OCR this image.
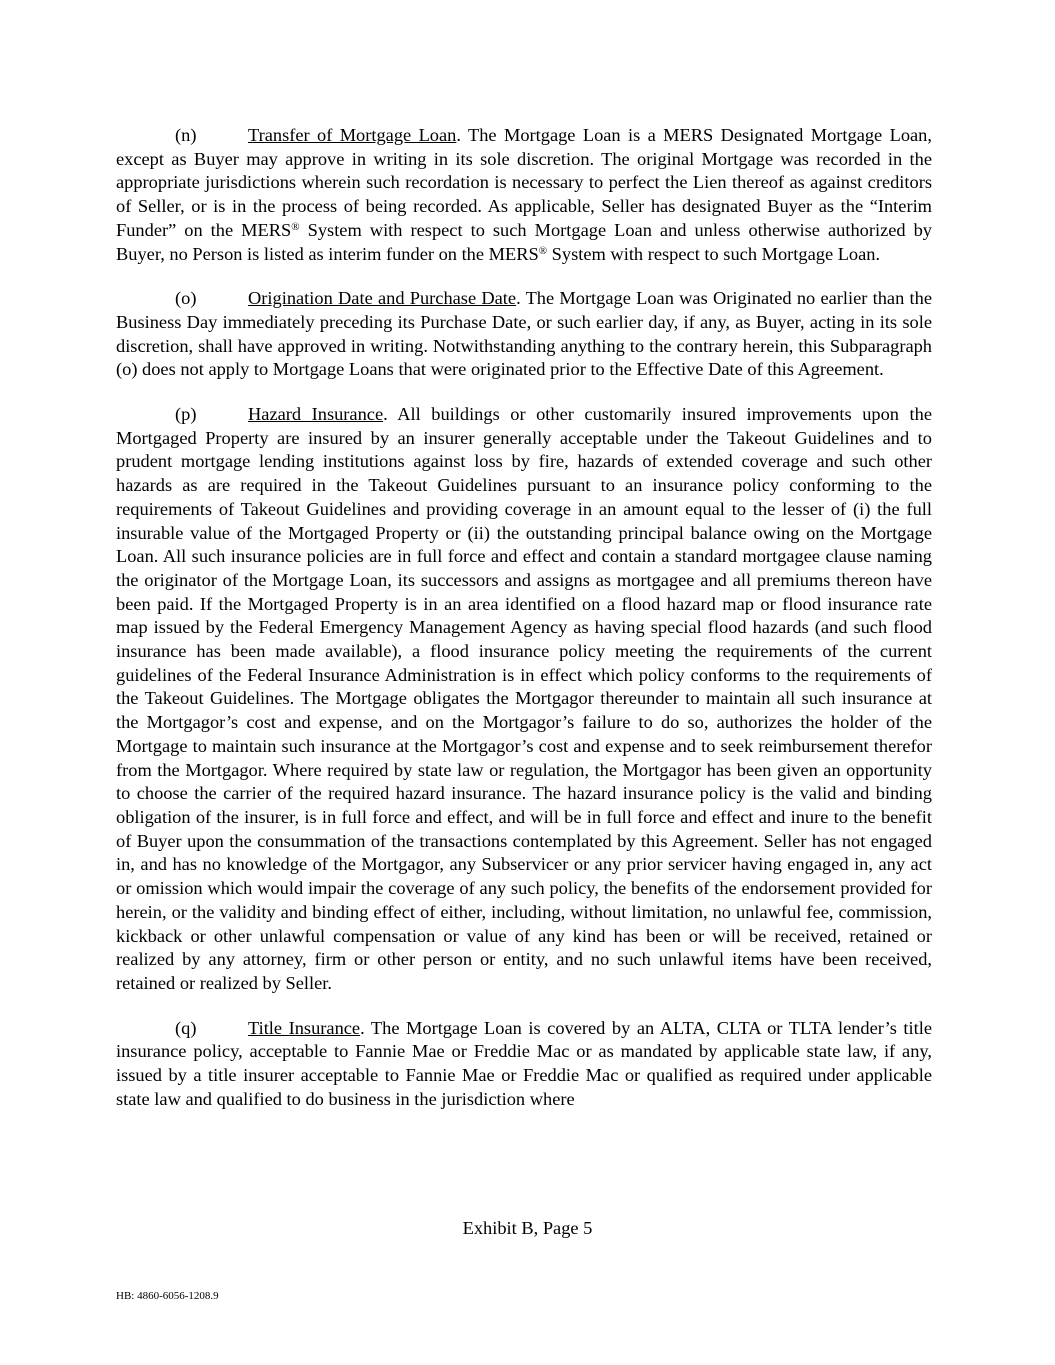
(n)	Transfer of Mortgage Loan. The Mortgage Loan is a MERS Designated Mortgage Loan, except as Buyer may approve in writing in its sole discretion. The original Mortgage was recorded in the appropriate jurisdictions wherein such recordation is necessary to perfect the Lien thereof as against creditors of Seller, or is in the process of being recorded. As applicable, Seller has designated Buyer as the “Interim Funder” on the MERS® System with respect to such Mortgage Loan and unless otherwise authorized by Buyer, no Person is listed as interim funder on the MERS® System with respect to such Mortgage Loan.

(o)	Origination Date and Purchase Date. The Mortgage Loan was Originated no earlier than the Business Day immediately preceding its Purchase Date, or such earlier day, if any, as Buyer, acting in its sole discretion, shall have approved in writing. Notwithstanding anything to the contrary herein, this Subparagraph (o) does not apply to Mortgage Loans that were originated prior to the Effective Date of this Agreement.

(p)	Hazard Insurance. All buildings or other customarily insured improvements upon the Mortgaged Property are insured by an insurer generally acceptable under the Takeout Guidelines and to prudent mortgage lending institutions against loss by fire, hazards of extended coverage and such other hazards as are required in the Takeout Guidelines pursuant to an insurance policy conforming to the requirements of Takeout Guidelines and providing coverage in an amount equal to the lesser of (i) the full insurable value of the Mortgaged Property or (ii) the outstanding principal balance owing on the Mortgage Loan. All such insurance policies are in full force and effect and contain a standard mortgagee clause naming the originator of the Mortgage Loan, its successors and assigns as mortgagee and all premiums thereon have been paid. If the Mortgaged Property is in an area identified on a flood hazard map or flood insurance rate map issued by the Federal Emergency Management Agency as having special flood hazards (and such flood insurance has been made available), a flood insurance policy meeting the requirements of the current guidelines of the Federal Insurance Administration is in effect which policy conforms to the requirements of the Takeout Guidelines. The Mortgage obligates the Mortgagor thereunder to maintain all such insurance at the Mortgagor’s cost and expense, and on the Mortgagor’s failure to do so, authorizes the holder of the Mortgage to maintain such insurance at the Mortgagor’s cost and expense and to seek reimbursement therefor from the Mortgagor. Where required by state law or regulation, the Mortgagor has been given an opportunity to choose the carrier of the required hazard insurance. The hazard insurance policy is the valid and binding obligation of the insurer, is in full force and effect, and will be in full force and effect and inure to the benefit of Buyer upon the consummation of the transactions contemplated by this Agreement. Seller has not engaged in, and has no knowledge of the Mortgagor, any Subservicer or any prior servicer having engaged in, any act or omission which would impair the coverage of any such policy, the benefits of the endorsement provided for herein, or the validity and binding effect of either, including, without limitation, no unlawful fee, commission, kickback or other unlawful compensation or value of any kind has been or will be received, retained or realized by any attorney, firm or other person or entity, and no such unlawful items have been received, retained or realized by Seller.

(q)	Title Insurance. The Mortgage Loan is covered by an ALTA, CLTA or TLTA lender’s title insurance policy, acceptable to Fannie Mae or Freddie Mac or as mandated by applicable state law, if any, issued by a title insurer acceptable to Fannie Mae or Freddie Mac or qualified as required under applicable state law and qualified to do business in the jurisdiction where

Exhibit B, Page 5
HB: 4860-6056-1208.9
